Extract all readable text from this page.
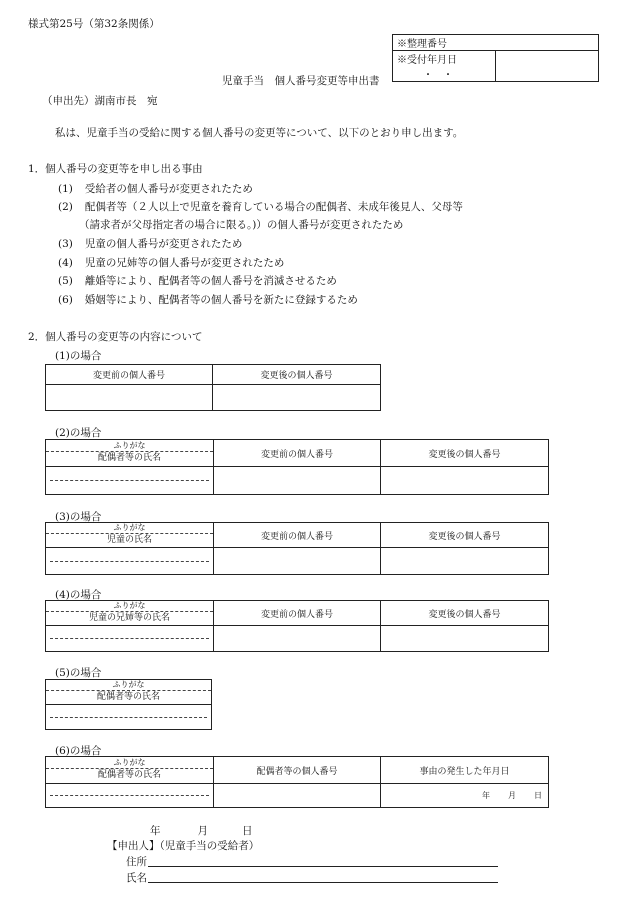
様式第25号（第32条関係）
※整理番号
※受付年月日 ・　・	
児童手当　個人番号変更等申出書
（申出先）湖南市長　宛
私は、児童手当の受給に関する個人番号の変更等について、以下のとおり申し出ます。
1．個人番号の変更等を申し出る事由
(1) 受給者の個人番号が変更されたため
(2) 配偶者等（２人以上で児童を養育している場合の配偶者、未成年後見人、父母等
（請求者が父母指定者の場合に限る。)）の個人番号が変更されたため
(3) 児童の個人番号が変更されたため
(4) 児童の兄姉等の個人番号が変更されたため
(5) 離婚等により、配偶者等の個人番号を消滅させるため
(6) 婚姻等により、配偶者等の個人番号を新たに登録するため
2．個人番号の変更等の内容について
(1)の場合
変更前の個人番号	変更後の個人番号

(2)の場合
ふりがな
配偶者等の氏名	変更前の個人番号	変更後の個人番号

(3)の場合
ふりがな
児童の氏名	変更前の個人番号	変更後の個人番号

(4)の場合
ふりがな
児童の兄姉等の氏名	変更前の個人番号	変更後の個人番号

(5)の場合
ふりがな
配偶者等の氏名

(6)の場合
ふりがな
配偶者等の氏名	配偶者等の個人番号	事由の発生した年月日

	年 月 日
年	月	日
【申出人】（児童手当の受給者）
住所
氏名
